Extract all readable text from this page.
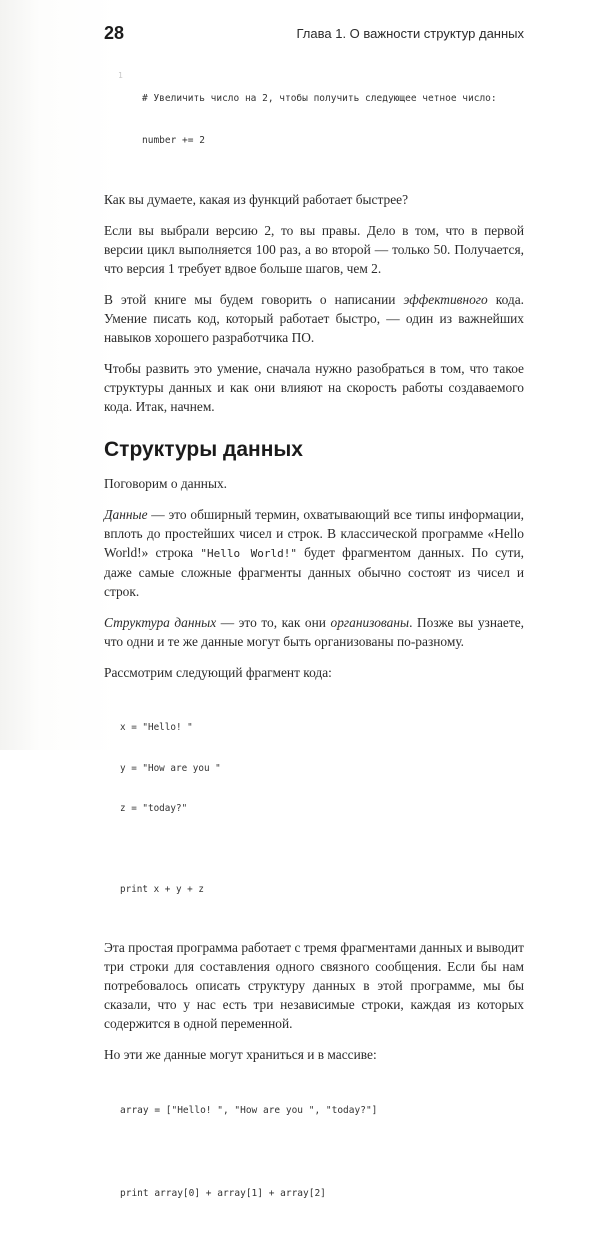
28	Глава 1. О важности структур данных
1

# Увеличить число на 2, чтобы получить следующее четное число:

number += 2

Как вы думаете, какая из функций работает быстрее?

Если вы выбрали версию 2, то вы правы. Дело в том, что в первой версии цикл выполняется 100 раз, а во второй — только 50. Получается, что версия 1 требует вдвое больше шагов, чем 2.

В этой книге мы будем говорить о написании эффективного кода. Умение писать код, который работает быстро, — один из важнейших навыков хорошего разработчика ПО.

Чтобы развить это умение, сначала нужно разобраться в том, что такое структуры данных и как они влияют на скорость работы создаваемого кода. Итак, начнем.

Структуры данных

Поговорим о данных.

Данные — это обширный термин, охватывающий все типы информации, вплоть до простейших чисел и строк. В классической программе «Hello World!» строка "Hello World!" будет фрагментом данных. По сути, даже самые сложные фрагменты данных обычно состоят из чисел и строк.

Структура данных — это то, как они организованы. Позже вы узнаете, что одни и те же данные могут быть организованы по-разному.

Рассмотрим следующий фрагмент кода:

x = "Hello! "

y = "How are you "

z = "today?"

print x + y + z

Эта простая программа работает с тремя фрагментами данных и выводит три строки для составления одного связного сообщения. Если бы нам потребовалось описать структуру данных в этой программе, мы бы сказали, что у нас есть три независимые строки, каждая из которых содержится в одной переменной.

Но эти же данные могут храниться и в массиве:

array = ["Hello! ", "How are you ", "today?"]

print array[0] + array[1] + array[2]
